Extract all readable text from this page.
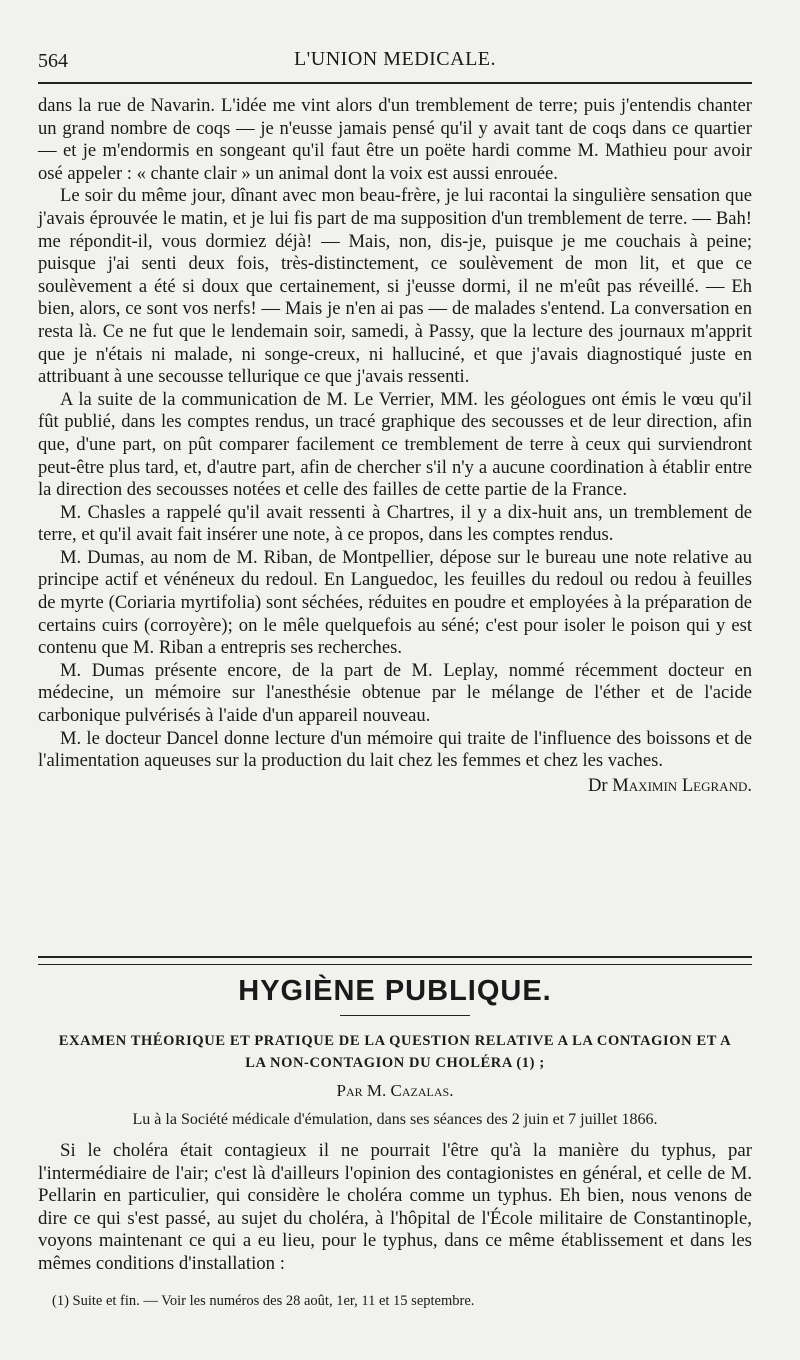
564	L'UNION MEDICALE.

dans la rue de Navarin. L'idée me vint alors d'un tremblement de terre; puis j'entendis chanter un grand nombre de coqs — je n'eusse jamais pensé qu'il y avait tant de coqs dans ce quartier — et je m'endormis en songeant qu'il faut être un poëte hardi comme M. Mathieu pour avoir osé appeler : « chante clair » un animal dont la voix est aussi enrouée.

Le soir du même jour, dînant avec mon beau-frère, je lui racontai la singulière sensation que j'avais éprouvée le matin, et je lui fis part de ma supposition d'un tremblement de terre. — Bah! me répondit-il, vous dormiez déjà! — Mais, non, dis-je, puisque je me couchais à peine; puisque j'ai senti deux fois, très-distinctement, ce soulèvement de mon lit, et que ce soulèvement a été si doux que certainement, si j'eusse dormi, il ne m'eût pas réveillé. — Eh bien, alors, ce sont vos nerfs! — Mais je n'en ai pas — de malades s'entend. La conversation en resta là. Ce ne fut que le lendemain soir, samedi, à Passy, que la lecture des journaux m'apprit que je n'étais ni malade, ni songe-creux, ni halluciné, et que j'avais diagnostiqué juste en attribuant à une secousse tellurique ce que j'avais ressenti.

A la suite de la communication de M. Le Verrier, MM. les géologues ont émis le vœu qu'il fût publié, dans les comptes rendus, un tracé graphique des secousses et de leur direction, afin que, d'une part, on pût comparer facilement ce tremblement de terre à ceux qui surviendront peut-être plus tard, et, d'autre part, afin de chercher s'il n'y a aucune coordination à établir entre la direction des secousses notées et celle des failles de cette partie de la France.

M. Chasles a rappelé qu'il avait ressenti à Chartres, il y a dix-huit ans, un tremblement de terre, et qu'il avait fait insérer une note, à ce propos, dans les comptes rendus.

M. Dumas, au nom de M. Riban, de Montpellier, dépose sur le bureau une note relative au principe actif et vénéneux du redoul. En Languedoc, les feuilles du redoul ou redou à feuilles de myrte (Coriaria myrtifolia) sont séchées, réduites en poudre et employées à la préparation de certains cuirs (corroyère); on le mêle quelquefois au séné; c'est pour isoler le poison qui y est contenu que M. Riban a entrepris ses recherches.

M. Dumas présente encore, de la part de M. Leplay, nommé récemment docteur en médecine, un mémoire sur l'anesthésie obtenue par le mélange de l'éther et de l'acide carbonique pulvérisés à l'aide d'un appareil nouveau.

M. le docteur Dancel donne lecture d'un mémoire qui traite de l'influence des boissons et de l'alimentation aqueuses sur la production du lait chez les femmes et chez les vaches.

Dr Maximin Legrand.
HYGIÈNE PUBLIQUE.
EXAMEN THÉORIQUE ET PRATIQUE DE LA QUESTION RELATIVE A LA CONTAGION ET A
LA NON-CONTAGION DU CHOLÉRA (1) ;
Par M. Cazalas.
Lu à la Société médicale d'émulation, dans ses séances des 2 juin et 7 juillet 1866.

Si le choléra était contagieux il ne pourrait l'être qu'à la manière du typhus, par l'intermédiaire de l'air; c'est là d'ailleurs l'opinion des contagionistes en général, et celle de M. Pellarin en particulier, qui considère le choléra comme un typhus. Eh bien, nous venons de dire ce qui s'est passé, au sujet du choléra, à l'hôpital de l'École militaire de Constantinople, voyons maintenant ce qui a eu lieu, pour le typhus, dans ce même établissement et dans les mêmes conditions d'installation :

(1) Suite et fin. — Voir les numéros des 28 août, 1er, 11 et 15 septembre.
